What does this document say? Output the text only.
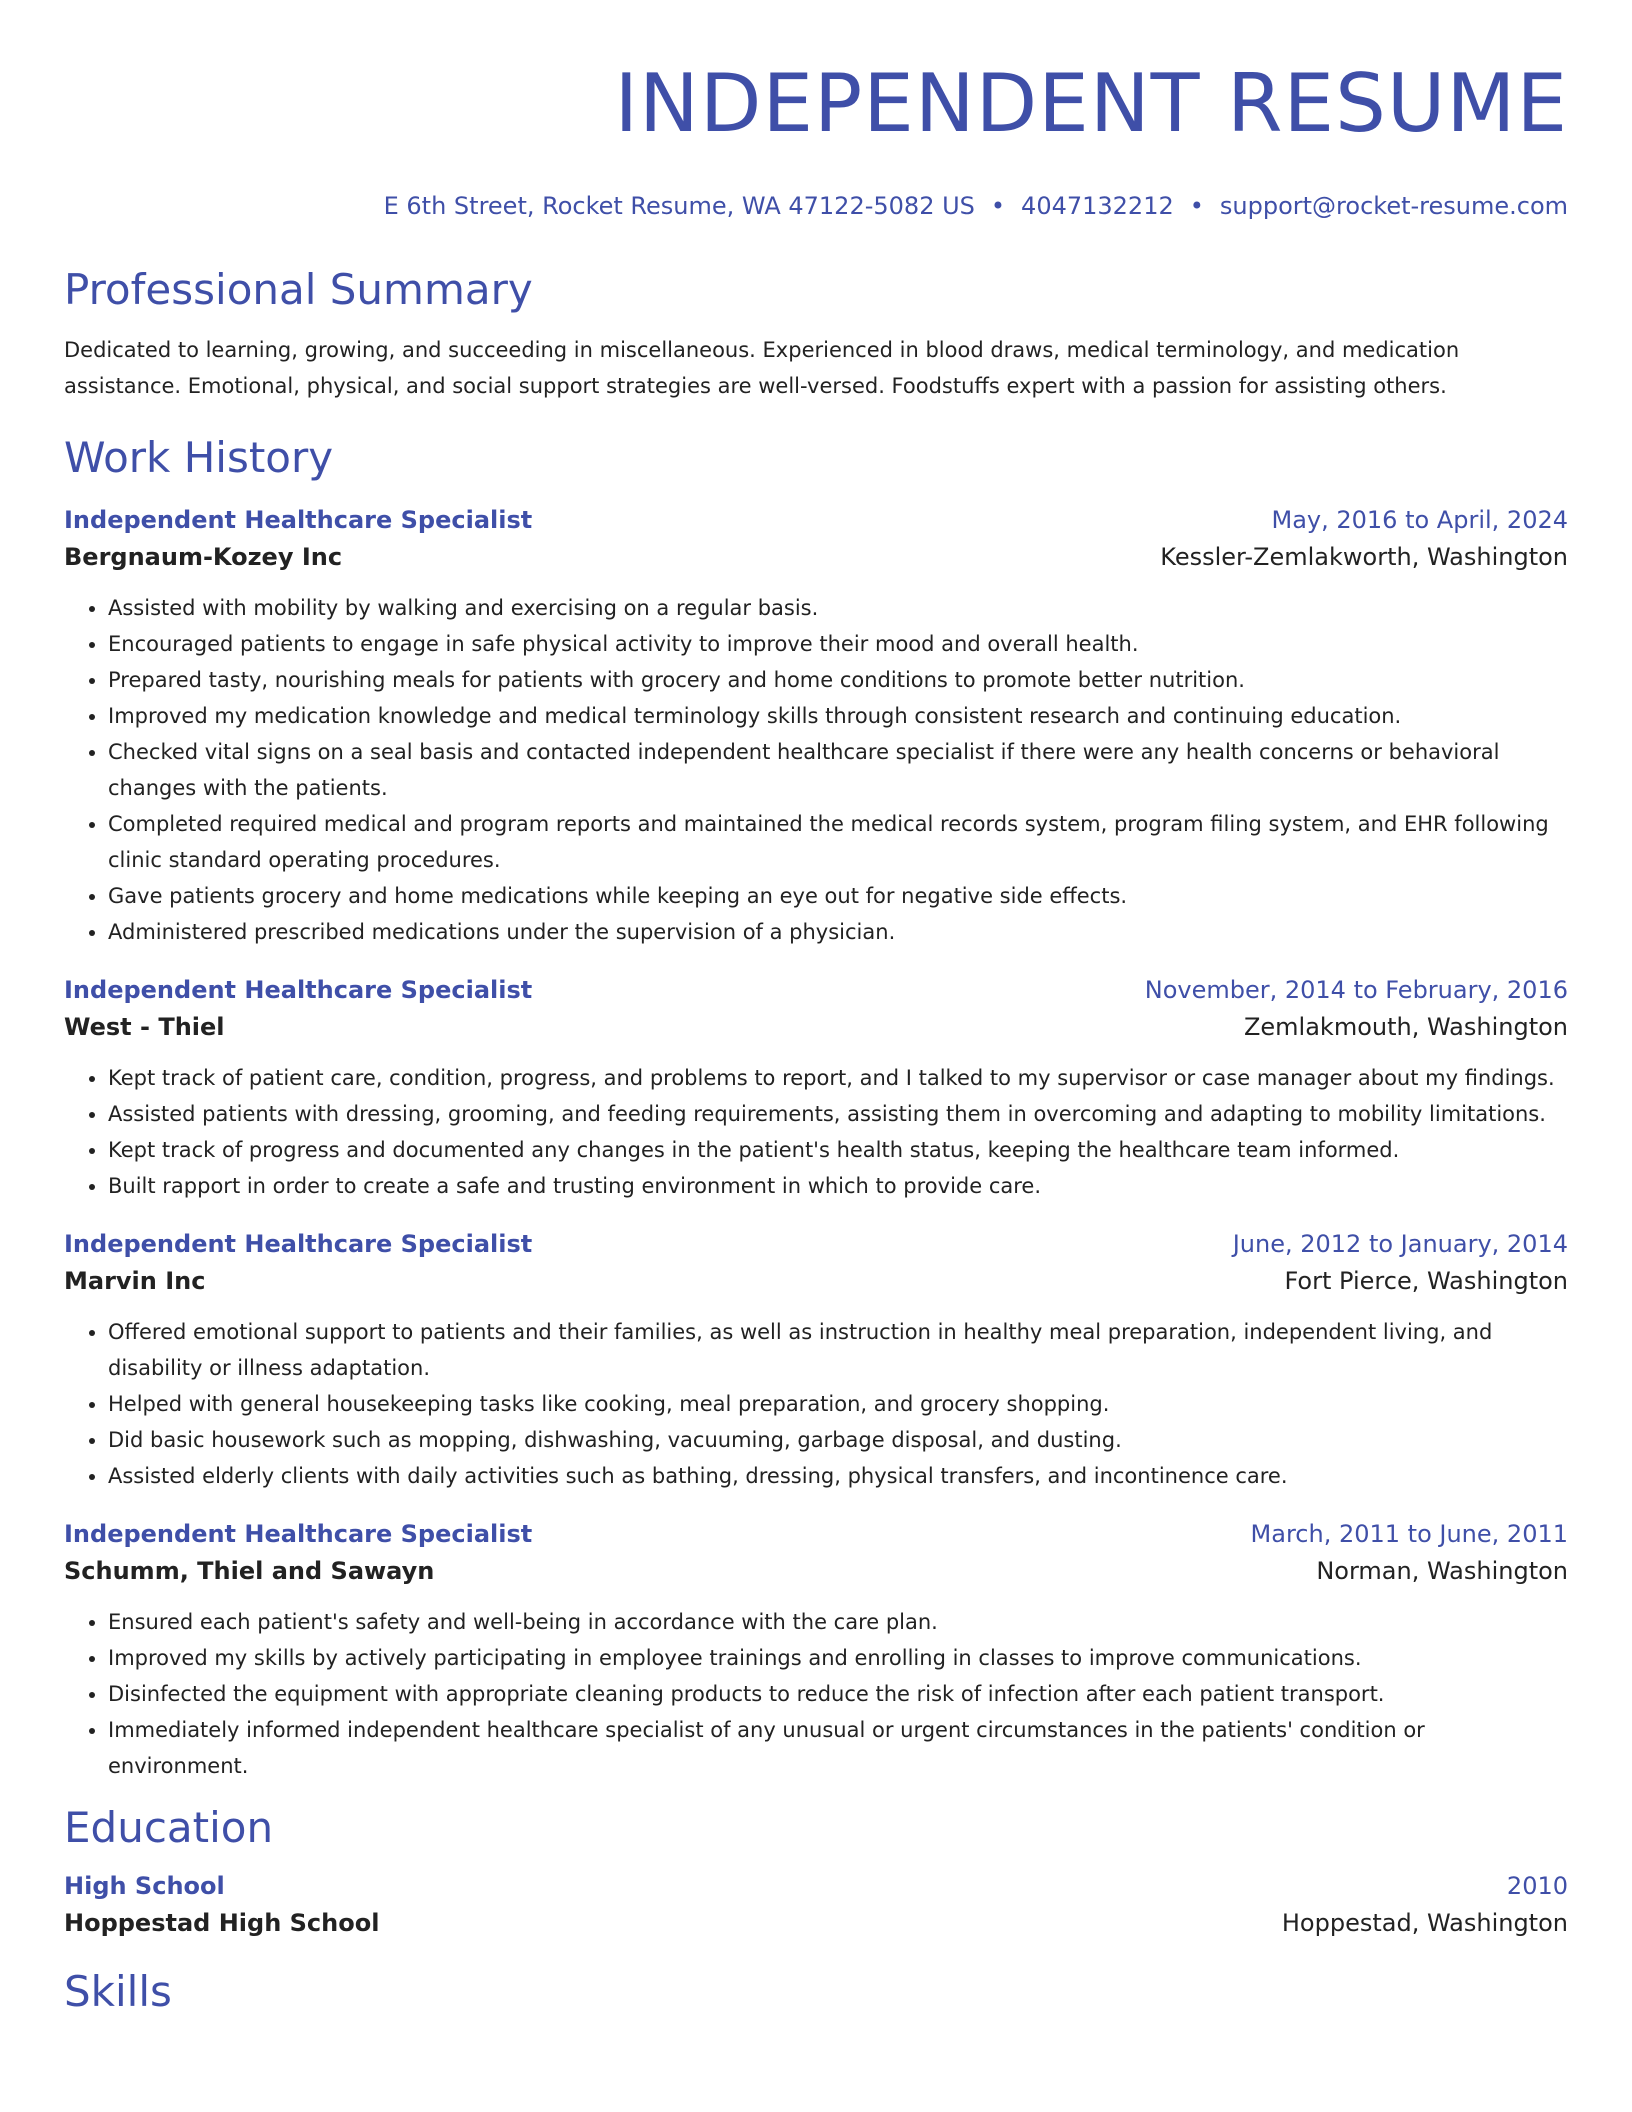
INDEPENDENT RESUME
E 6th Street, Rocket Resume, WA 47122-5082 US • 4047132212 • support@rocket-resume.com
Professional Summary
Dedicated to learning, growing, and succeeding in miscellaneous. Experienced in blood draws, medical terminology, and medication assistance. Emotional, physical, and social support strategies are well-versed. Foodstuffs expert with a passion for assisting others.
Work History
Independent Healthcare Specialist	May, 2016 to April, 2024
Bergnaum-Kozey Inc	Kessler-Zemlakworth, Washington
• Assisted with mobility by walking and exercising on a regular basis.
• Encouraged patients to engage in safe physical activity to improve their mood and overall health.
• Prepared tasty, nourishing meals for patients with grocery and home conditions to promote better nutrition.
• Improved my medication knowledge and medical terminology skills through consistent research and continuing education.
• Checked vital signs on a seal basis and contacted independent healthcare specialist if there were any health concerns or behavioral changes with the patients.
• Completed required medical and program reports and maintained the medical records system, program filing system, and EHR following clinic standard operating procedures.
• Gave patients grocery and home medications while keeping an eye out for negative side effects.
• Administered prescribed medications under the supervision of a physician.
Independent Healthcare Specialist	November, 2014 to February, 2016
West - Thiel	Zemlakmouth, Washington
• Kept track of patient care, condition, progress, and problems to report, and I talked to my supervisor or case manager about my findings.
• Assisted patients with dressing, grooming, and feeding requirements, assisting them in overcoming and adapting to mobility limitations.
• Kept track of progress and documented any changes in the patient's health status, keeping the healthcare team informed.
• Built rapport in order to create a safe and trusting environment in which to provide care.
Independent Healthcare Specialist	June, 2012 to January, 2014
Marvin Inc	Fort Pierce, Washington
• Offered emotional support to patients and their families, as well as instruction in healthy meal preparation, independent living, and disability or illness adaptation.
• Helped with general housekeeping tasks like cooking, meal preparation, and grocery shopping.
• Did basic housework such as mopping, dishwashing, vacuuming, garbage disposal, and dusting.
• Assisted elderly clients with daily activities such as bathing, dressing, physical transfers, and incontinence care.
Independent Healthcare Specialist	March, 2011 to June, 2011
Schumm, Thiel and Sawayn	Norman, Washington
• Ensured each patient's safety and well-being in accordance with the care plan.
• Improved my skills by actively participating in employee trainings and enrolling in classes to improve communications.
• Disinfected the equipment with appropriate cleaning products to reduce the risk of infection after each patient transport.
• Immediately informed independent healthcare specialist of any unusual or urgent circumstances in the patients' condition or environment.
Education
High School	2010
Hoppestad High School	Hoppestad, Washington
Skills
